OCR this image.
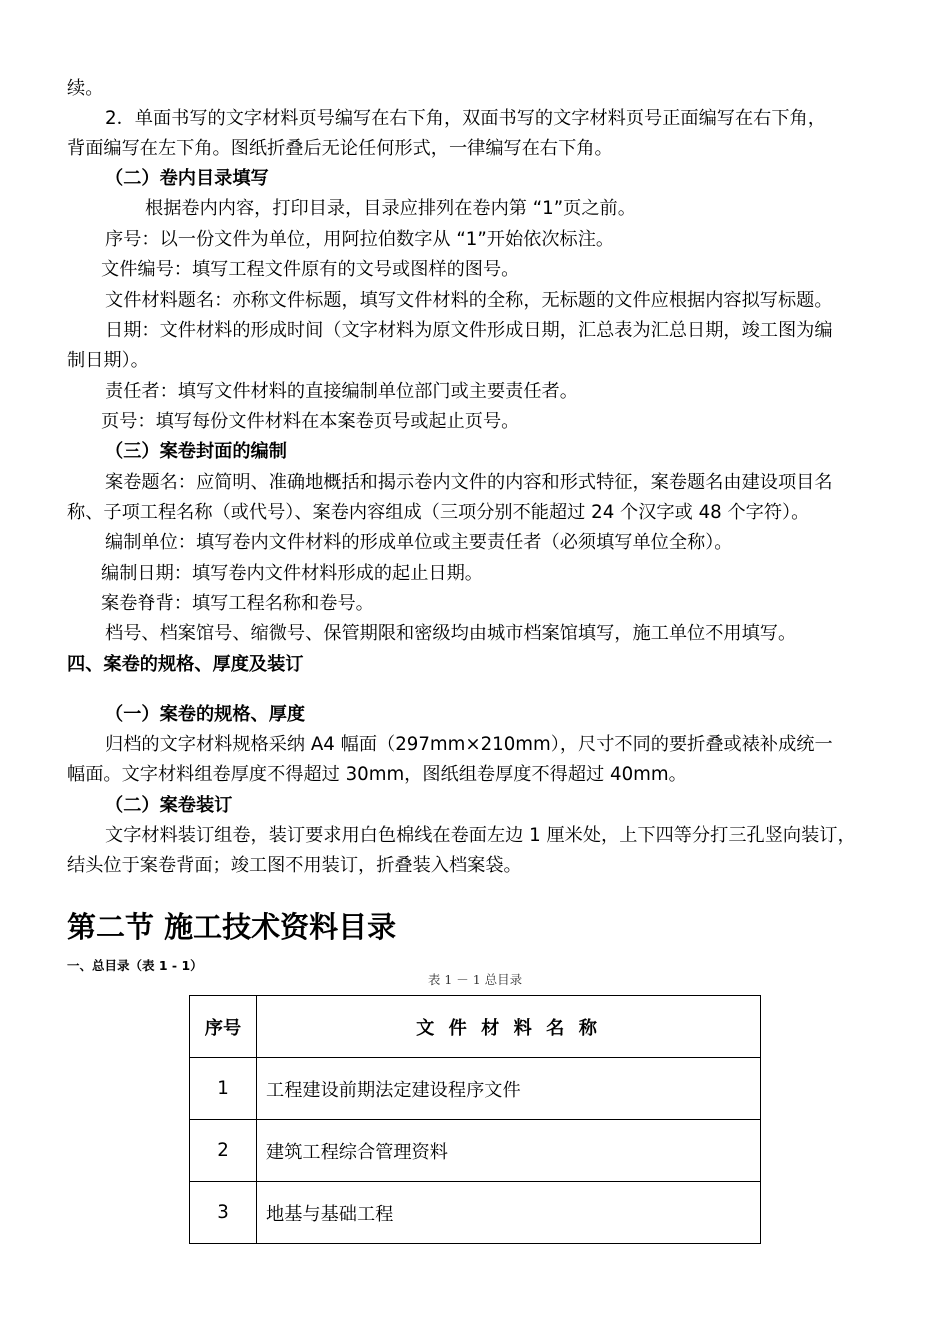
续。
2．单面书写的文字材料页号编写在右下角，双面书写的文字材料页号正面编写在右下角，
背面编写在左下角。图纸折叠后无论任何形式，一律编写在右下角。
（二）卷内目录填写
根据卷内内容，打印目录，目录应排列在卷内第 “1”页之前。
序号：以一份文件为单位，用阿拉伯数字从 “1”开始依次标注。
文件编号：填写工程文件原有的文号或图样的图号。
文件材料题名：亦称文件标题，填写文件材料的全称，无标题的文件应根据内容拟写标题。
日期：文件材料的形成时间（文字材料为原文件形成日期，汇总表为汇总日期，竣工图为编
制日期）。
责任者：填写文件材料的直接编制单位部门或主要责任者。
页号：填写每份文件材料在本案卷页号或起止页号。
（三）案卷封面的编制
案卷题名：应简明、准确地概括和揭示卷内文件的内容和形式特征，案卷题名由建设项目名
称、子项工程名称（或代号）、案卷内容组成（三项分别不能超过 24 个汉字或 48 个字符）。
编制单位：填写卷内文件材料的形成单位或主要责任者（必须填写单位全称）。
编制日期：填写卷内文件材料形成的起止日期。
案卷脊背：填写工程名称和卷号。
档号、档案馆号、缩微号、保管期限和密级均由城市档案馆填写，施工单位不用填写。
四、案卷的规格、厚度及装订
（一）案卷的规格、厚度
归档的文字材料规格采纳 A4 幅面（297mm×210mm），尺寸不同的要折叠或裱补成统一
幅面。文字材料组卷厚度不得超过 30mm，图纸组卷厚度不得超过 40mm。
（二）案卷装订
文字材料装订组卷，装订要求用白色棉线在卷面左边 1 厘米处，上下四等分打三孔竖向装订，
结头位于案卷背面；竣工图不用装订，折叠装入档案袋。
第二节 施工技术资料目录
一、总目录（表 1 - 1）
表 1 － 1 总目录
序号	文 件 材 料 名 称
1	工程建设前期法定建设程序文件
2	建筑工程综合管理资料
3	地基与基础工程
